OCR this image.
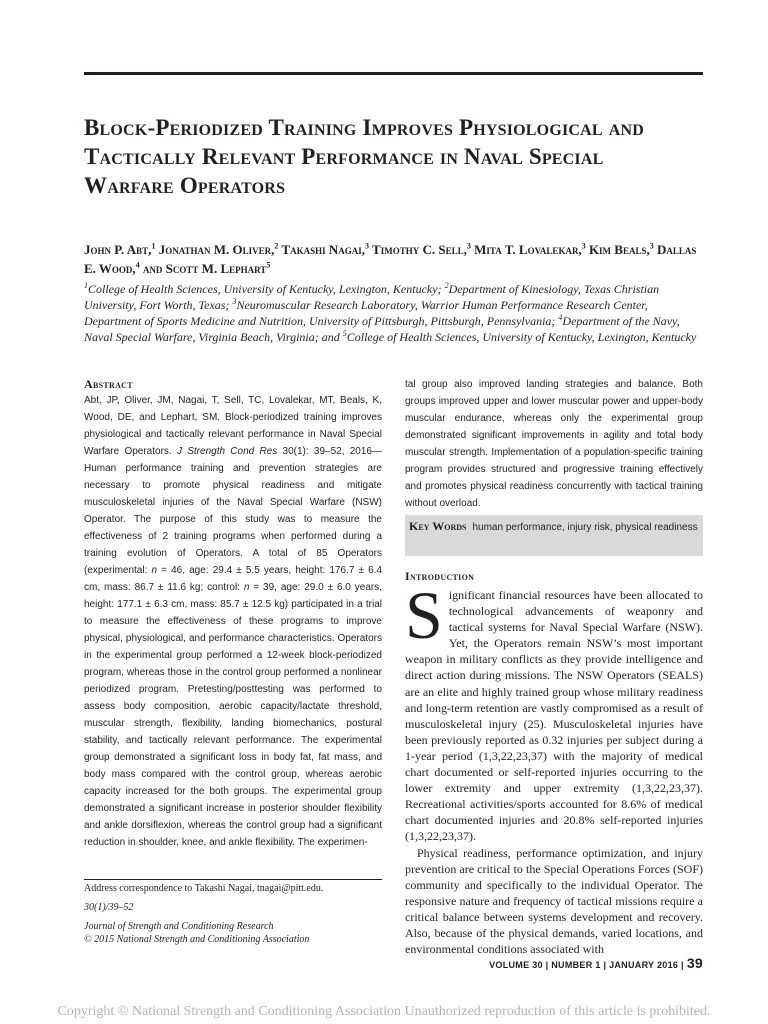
Block-Periodized Training Improves Physiological and Tactically Relevant Performance in Naval Special Warfare Operators
John P. Abt,$^1$ Jonathan M. Oliver,$^2$ Takashi Nagai,$^3$ Timothy C. Sell,$^3$ Mita T. Lovalekar,$^3$ Kim Beals,$^3$ Dallas E. Wood,$^4$ and Scott M. Lephart$^5$
$^1$College of Health Sciences, University of Kentucky, Lexington, Kentucky; $^2$Department of Kinesiology, Texas Christian University, Fort Worth, Texas; $^3$Neuromuscular Research Laboratory, Warrior Human Performance Research Center, Department of Sports Medicine and Nutrition, University of Pittsburgh, Pittsburgh, Pennsylvania; $^4$Department of the Navy, Naval Special Warfare, Virginia Beach, Virginia; and $^5$College of Health Sciences, University of Kentucky, Lexington, Kentucky
Abstract

Abt, JP, Oliver, JM, Nagai, T, Sell, TC, Lovalekar, MT, Beals, K, Wood, DE, and Lephart, SM. Block-periodized training improves physiological and tactically relevant performance in Naval Special Warfare Operators. J Strength Cond Res 30(1): 39–52, 2016—Human performance training and prevention strategies are necessary to promote physical readiness and mitigate musculoskeletal injuries of the Naval Special Warfare (NSW) Operator. The purpose of this study was to measure the effectiveness of 2 training programs when performed during a training evolution of Operators. A total of 85 Operators (experimental: n = 46, age: 29.4 ± 5.5 years, height: 176.7 ± 6.4 cm, mass: 86.7 ± 11.6 kg; control: n = 39, age: 29.0 ± 6.0 years, height: 177.1 ± 6.3 cm, mass: 85.7 ± 12.5 kg) participated in a trial to measure the effectiveness of these programs to improve physical, physiological, and performance characteristics. Operators in the experimental group performed a 12-week block-periodized program, whereas those in the control group performed a nonlinear periodized program. Pretesting/posttesting was performed to assess body composition, aerobic capacity/lactate threshold, muscular strength, flexibility, landing biomechanics, postural stability, and tactically relevant performance. The experimental group demonstrated a significant loss in body fat, fat mass, and body mass compared with the control group, whereas aerobic capacity increased for the both groups. The experimental group demonstrated a significant increase in posterior shoulder flexibility and ankle dorsiflexion, whereas the control group had a significant reduction in shoulder, knee, and ankle flexibility. The experimen-

tal group also improved landing strategies and balance. Both groups improved upper and lower muscular power and upper-body muscular endurance, whereas only the experimental group demonstrated significant improvements in agility and total body muscular strength. Implementation of a population-specific training program provides structured and progressive training effectively and promotes physical readiness concurrently with tactical training without overload.

Key Words human performance, injury risk, physical readiness
Introduction

Significant financial resources have been allocated to technological advancements of weaponry and tactical systems for Naval Special Warfare (NSW). Yet, the Operators remain NSW’s most important weapon in military conflicts as they provide intelligence and direct action during missions. The NSW Operators (SEALS) are an elite and highly trained group whose military readiness and long-term retention are vastly compromised as a result of musculoskeletal injury (25). Musculoskeletal injuries have been previously reported as 0.32 injuries per subject during a 1-year period (1,3,22,23,37) with the majority of medical chart documented or self-reported injuries occurring to the lower extremity and upper extremity (1,3,22,23,37). Recreational activities/sports accounted for 8.6% of medical chart documented injuries and 20.8% self-reported injuries (1,3,22,23,37).

Physical readiness, performance optimization, and injury prevention are critical to the Special Operations Forces (SOF) community and specifically to the individual Operator. The responsive nature and frequency of tactical missions require a critical balance between systems development and recovery. Also, because of the physical demands, varied locations, and environmental conditions associated with

Address correspondence to Takashi Nagai, tnagai@pitt.edu.
30(1)/39–52
Journal of Strength and Conditioning Research
© 2015 National Strength and Conditioning Association
VOLUME 30 | NUMBER 1 | JANUARY 2016 | 39
Copyright © National Strength and Conditioning Association Unauthorized reproduction of this article is prohibited.
